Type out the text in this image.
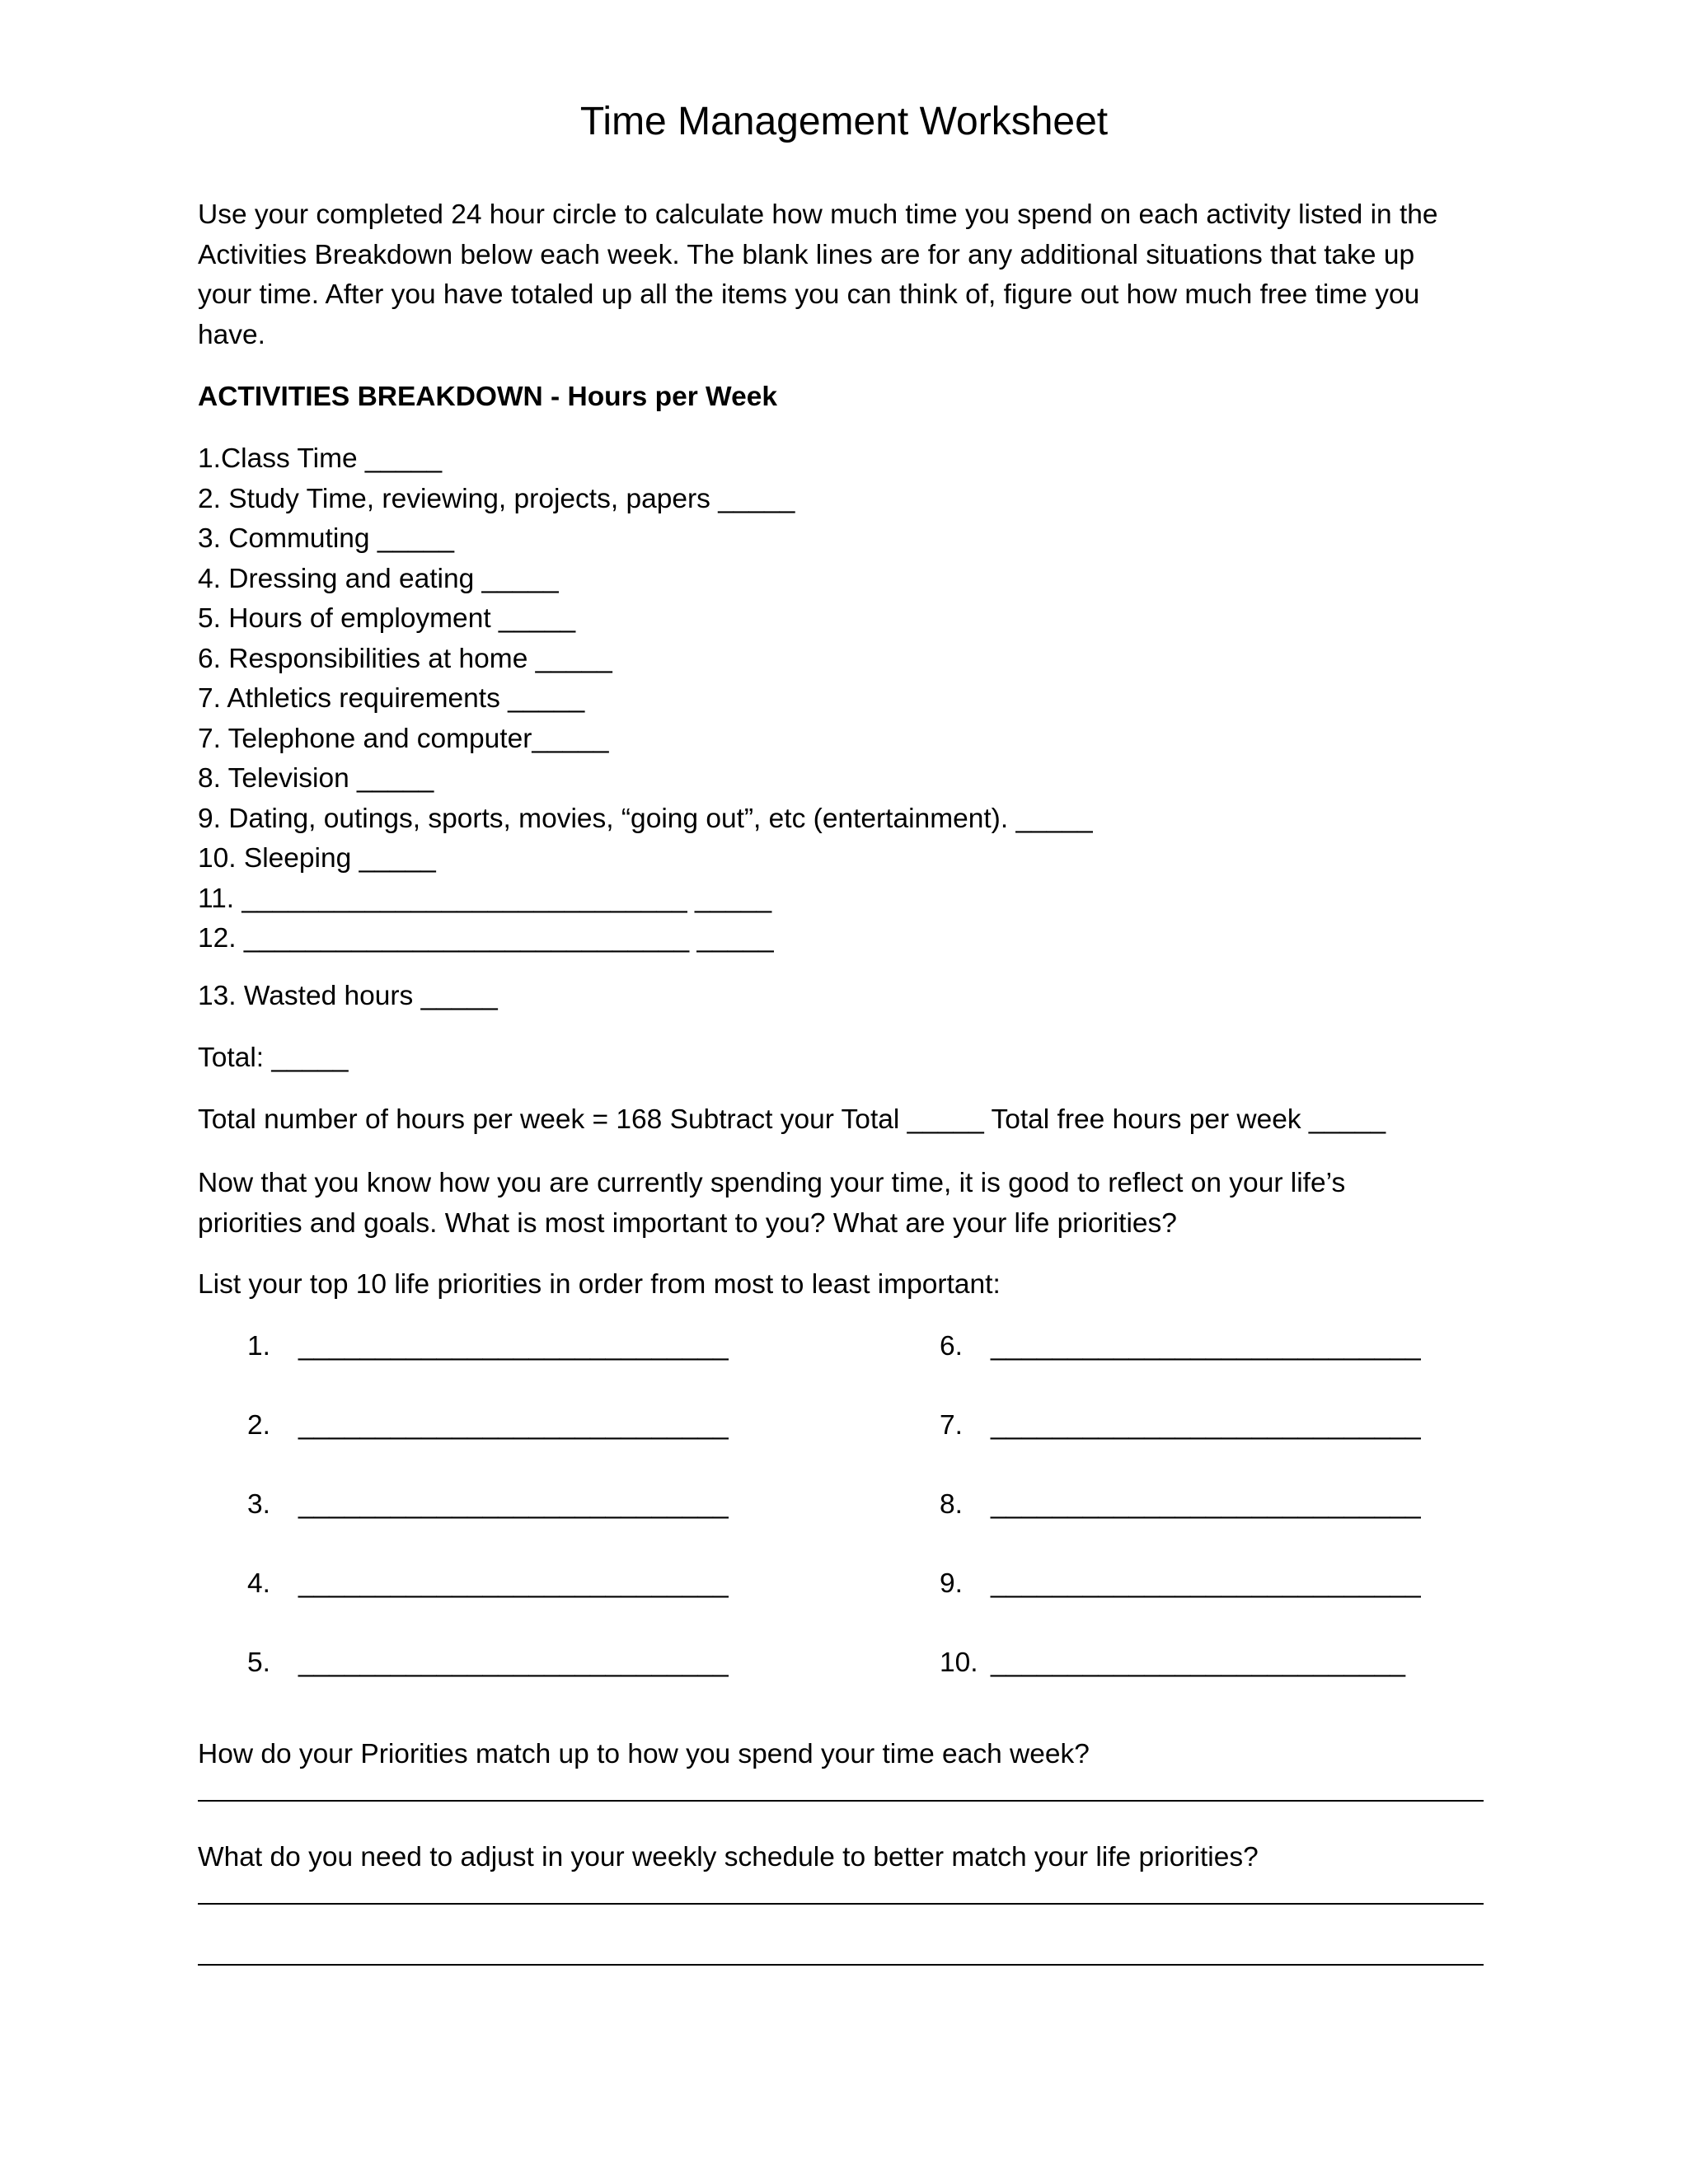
Time Management Worksheet
Use your completed 24 hour circle to calculate how much time you spend on each activity listed in the
Activities Breakdown below each week. The blank lines are for any additional situations that take up
your time. After you have totaled up all the items you can think of, figure out how much free time you
have.
ACTIVITIES BREAKDOWN - Hours per Week
1.Class Time _____
2. Study Time, reviewing, projects, papers _____
3. Commuting _____
4. Dressing and eating _____
5. Hours of employment _____
6. Responsibilities at home _____
7. Athletics requirements _____
7. Telephone and computer_____
8. Television _____
9. Dating, outings, sports, movies, “going out”, etc (entertainment). _____
10. Sleeping _____
11. _____________________________ _____
12. _____________________________ _____
13. Wasted hours _____
Total: _____
Total number of hours per week = 168 Subtract your Total _____ Total free hours per week _____
Now that you know how you are currently spending your time, it is good to reflect on your life’s
priorities and goals. What is most important to you? What are your life priorities?
List your top 10 life priorities in order from most to least important:
1. ____________________________
2. ____________________________
3. ____________________________
4. ____________________________
5. ____________________________
6. ____________________________
7. ____________________________
8. ____________________________
9. ____________________________
10. ___________________________
How do your Priorities match up to how you spend your time each week?
What do you need to adjust in your weekly schedule to better match your life priorities?
